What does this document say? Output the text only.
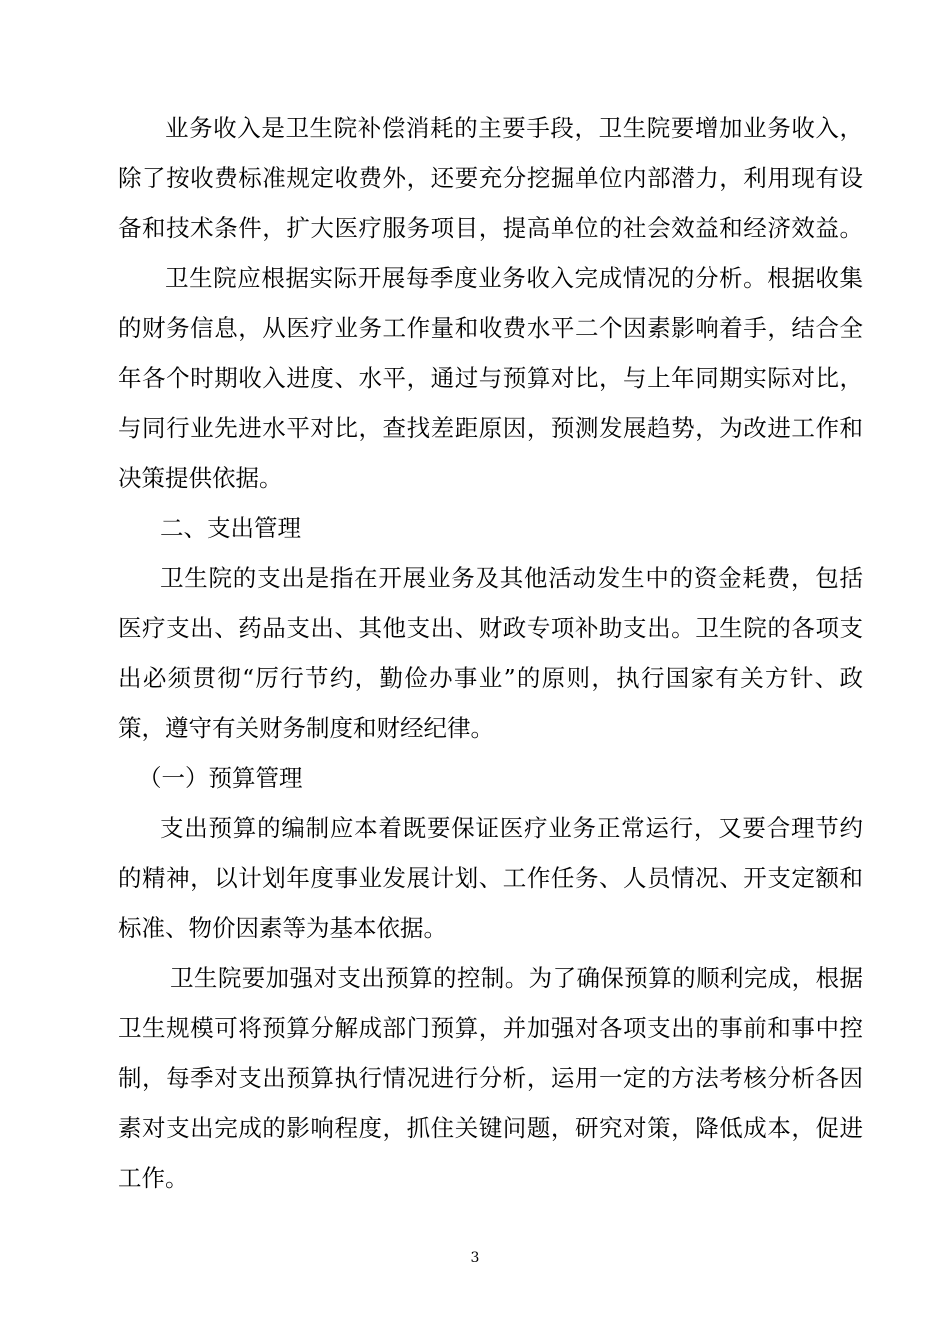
业务收入是卫生院补偿消耗的主要手段，卫生院要增加业务收入，
除了按收费标准规定收费外，还要充分挖掘单位内部潜力，利用现有设
备和技术条件，扩大医疗服务项目，提高单位的社会效益和经济效益。
卫生院应根据实际开展每季度业务收入完成情况的分析。根据收集
的财务信息，从医疗业务工作量和收费水平二个因素影响着手，结合全
年各个时期收入进度、水平，通过与预算对比，与上年同期实际对比，
与同行业先进水平对比，查找差距原因，预测发展趋势，为改进工作和
决策提供依据。
二、支出管理
卫生院的支出是指在开展业务及其他活动发生中的资金耗费，包括
医疗支出、药品支出、其他支出、财政专项补助支出。卫生院的各项支
出必须贯彻“厉行节约，勤俭办事业”的原则，执行国家有关方针、政
策，遵守有关财务制度和财经纪律。
（一）预算管理
支出预算的编制应本着既要保证医疗业务正常运行，又要合理节约
的精神，以计划年度事业发展计划、工作任务、人员情况、开支定额和
标准、物价因素等为基本依据。
卫生院要加强对支出预算的控制。为了确保预算的顺利完成，根据
卫生规模可将预算分解成部门预算，并加强对各项支出的事前和事中控
制，每季对支出预算执行情况进行分析，运用一定的方法考核分析各因
素对支出完成的影响程度，抓住关键问题，研究对策，降低成本，促进
工作。
3
